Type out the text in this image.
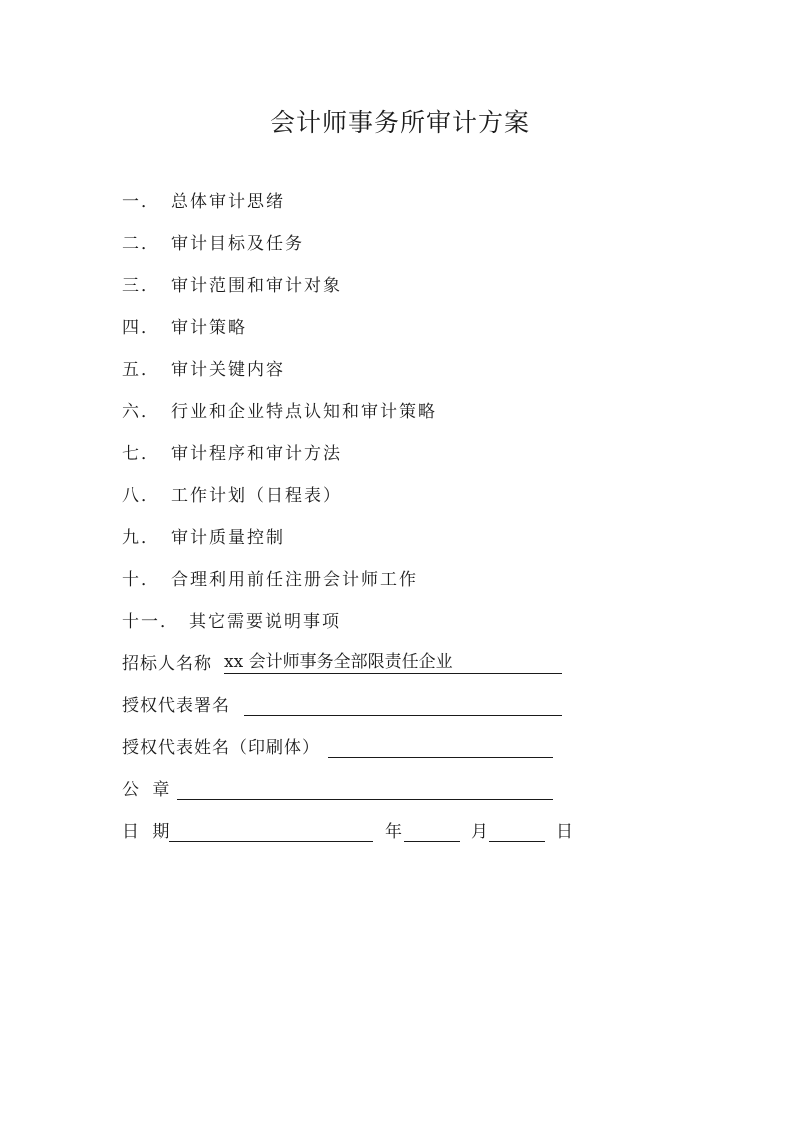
会计师事务所审计方案
一． 总体审计思绪
二． 审计目标及任务
三． 审计范围和审计对象
四． 审计策略
五． 审计关键内容
六． 行业和企业特点认知和审计策略
七． 审计程序和审计方法
八． 工作计划（日程表）
九． 审计质量控制
十． 合理利用前任注册会计师工作
十一． 其它需要说明事项
招标人名称 xx 会计师事务全部限责任企业
授权代表署名
授权代表姓名（印刷体）
公 章
日 期	年	月	日
